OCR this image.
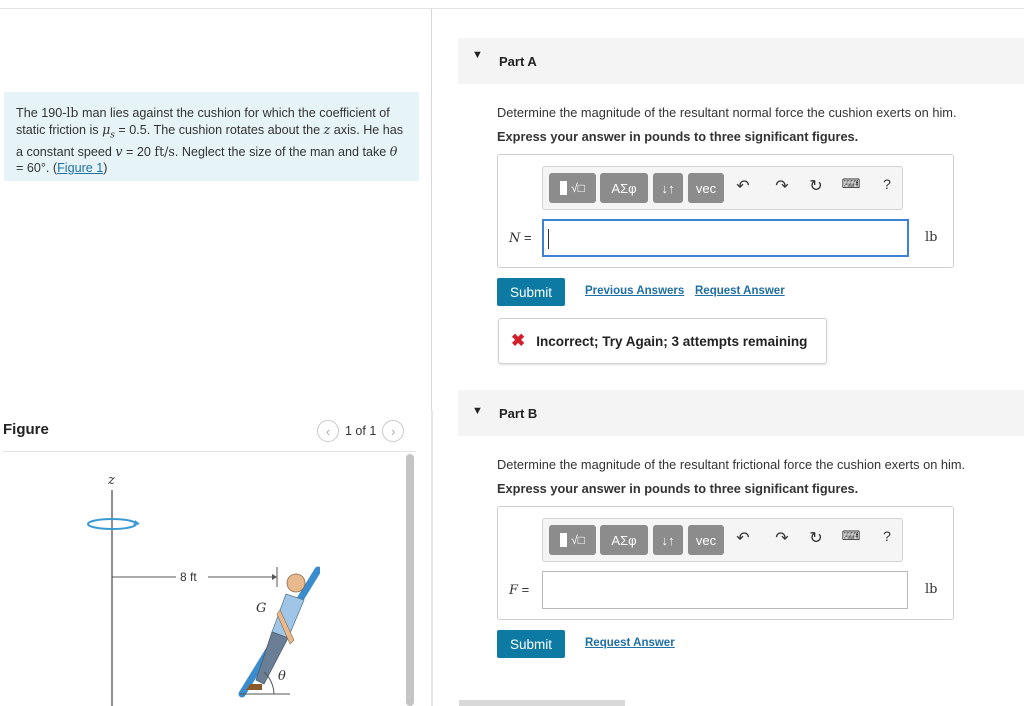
The 190-lb man lies against the cushion for which the coefficient of static friction is $\mu_s = 0.5$. The cushion rotates about the z axis. He has a constant speed v = 20 ft/s. Neglect the size of the man and take θ = 60°. (Figure 1)
Figure	‹	1 of 1	›
z
8 ft
G
θ
▼ Part A
Determine the magnitude of the resultant normal force the cushion exerts on him.
Express your answer in pounds to three significant figures.
√□	ΑΣφ	↓↑	vec	↶ ↷ ↻	⌨	?
N =	lb
Submit	Previous Answers Request Answer
✖ Incorrect; Try Again; 3 attempts remaining
▼ Part B
Determine the magnitude of the resultant frictional force the cushion exerts on him.
Express your answer in pounds to three significant figures.
√□	ΑΣφ	↓↑	vec	↶ ↷ ↻	⌨	?
F =	lb
Submit	Request Answer
